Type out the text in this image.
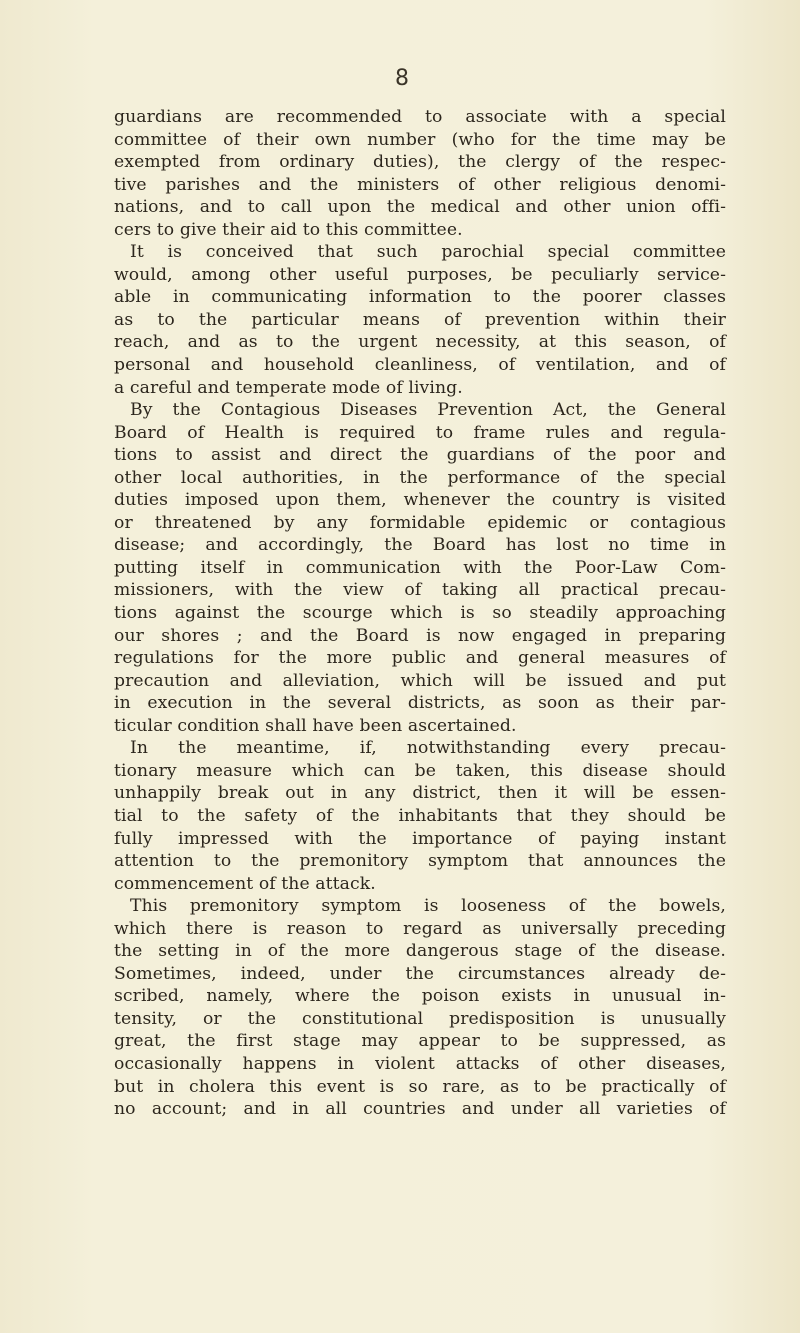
8
guardians are recommended to associate with a special
committee of their own number (who for the time may be
exempted from ordinary duties), the clergy of the respec-
tive parishes and the ministers of other religious denomi-
nations, and to call upon the medical and other union offi-
cers to give their aid to this committee.
It is conceived that such parochial special committee
would, among other useful purposes, be peculiarly service-
able in communicating information to the poorer classes
as to the particular means of prevention within their
reach, and as to the urgent necessity, at this season, of
personal and household cleanliness, of ventilation, and of
a careful and temperate mode of living.
By the Contagious Diseases Prevention Act, the General
Board of Health is required to frame rules and regula-
tions to assist and direct the guardians of the poor and
other local authorities, in the performance of the special
duties imposed upon them, whenever the country is visited
or threatened by any formidable epidemic or contagious
disease; and accordingly, the Board has lost no time in
putting itself in communication with the Poor-Law Com-
missioners, with the view of taking all practical precau-
tions against the scourge which is so steadily approaching
our shores ; and the Board is now engaged in preparing
regulations for the more public and general measures of
precaution and alleviation, which will be issued and put
in execution in the several districts, as soon as their par-
ticular condition shall have been ascertained.
In the meantime, if, notwithstanding every precau-
tionary measure which can be taken, this disease should
unhappily break out in any district, then it will be essen-
tial to the safety of the inhabitants that they should be
fully impressed with the importance of paying instant
attention to the premonitory symptom that announces the
commencement of the attack.
This premonitory symptom is looseness of the bowels,
which there is reason to regard as universally preceding
the setting in of the more dangerous stage of the disease.
Sometimes, indeed, under the circumstances already de-
scribed, namely, where the poison exists in unusual in-
tensity, or the constitutional predisposition is unusually
great, the first stage may appear to be suppressed, as
occasionally happens in violent attacks of other diseases,
but in cholera this event is so rare, as to be practically of
no account; and in all countries and under all varieties of
